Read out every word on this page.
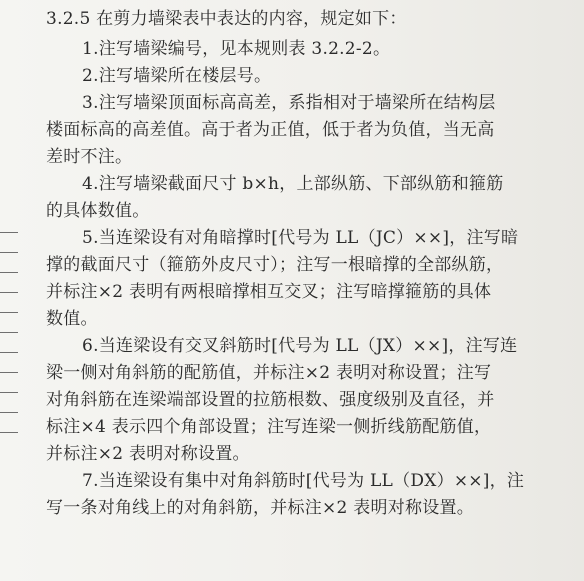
3.2.5 在剪力墙梁表中表达的内容，规定如下：
1.注写墙梁编号，见本规则表 3.2.2-2。
2.注写墙梁所在楼层号。
3.注写墙梁顶面标高高差，系指相对于墙梁所在结构层
楼面标高的高差值。高于者为正值，低于者为负值，当无高
差时不注。
4.注写墙梁截面尺寸 b×h，上部纵筋、下部纵筋和箍筋
的具体数值。
5.当连梁设有对角暗撑时[代号为 LL（JC）××]，注写暗
撑的截面尺寸（箍筋外皮尺寸）；注写一根暗撑的全部纵筋，
并标注×2 表明有两根暗撑相互交叉；注写暗撑箍筋的具体
数值。
6.当连梁设有交叉斜筋时[代号为 LL（JX）××]，注写连
梁一侧对角斜筋的配筋值，并标注×2 表明对称设置；注写
对角斜筋在连梁端部设置的拉筋根数、强度级别及直径，并
标注×4 表示四个角部设置；注写连梁一侧折线筋配筋值，
并标注×2 表明对称设置。
7.当连梁设有集中对角斜筋时[代号为 LL（DX）××]，注
写一条对角线上的对角斜筋，并标注×2 表明对称设置。
